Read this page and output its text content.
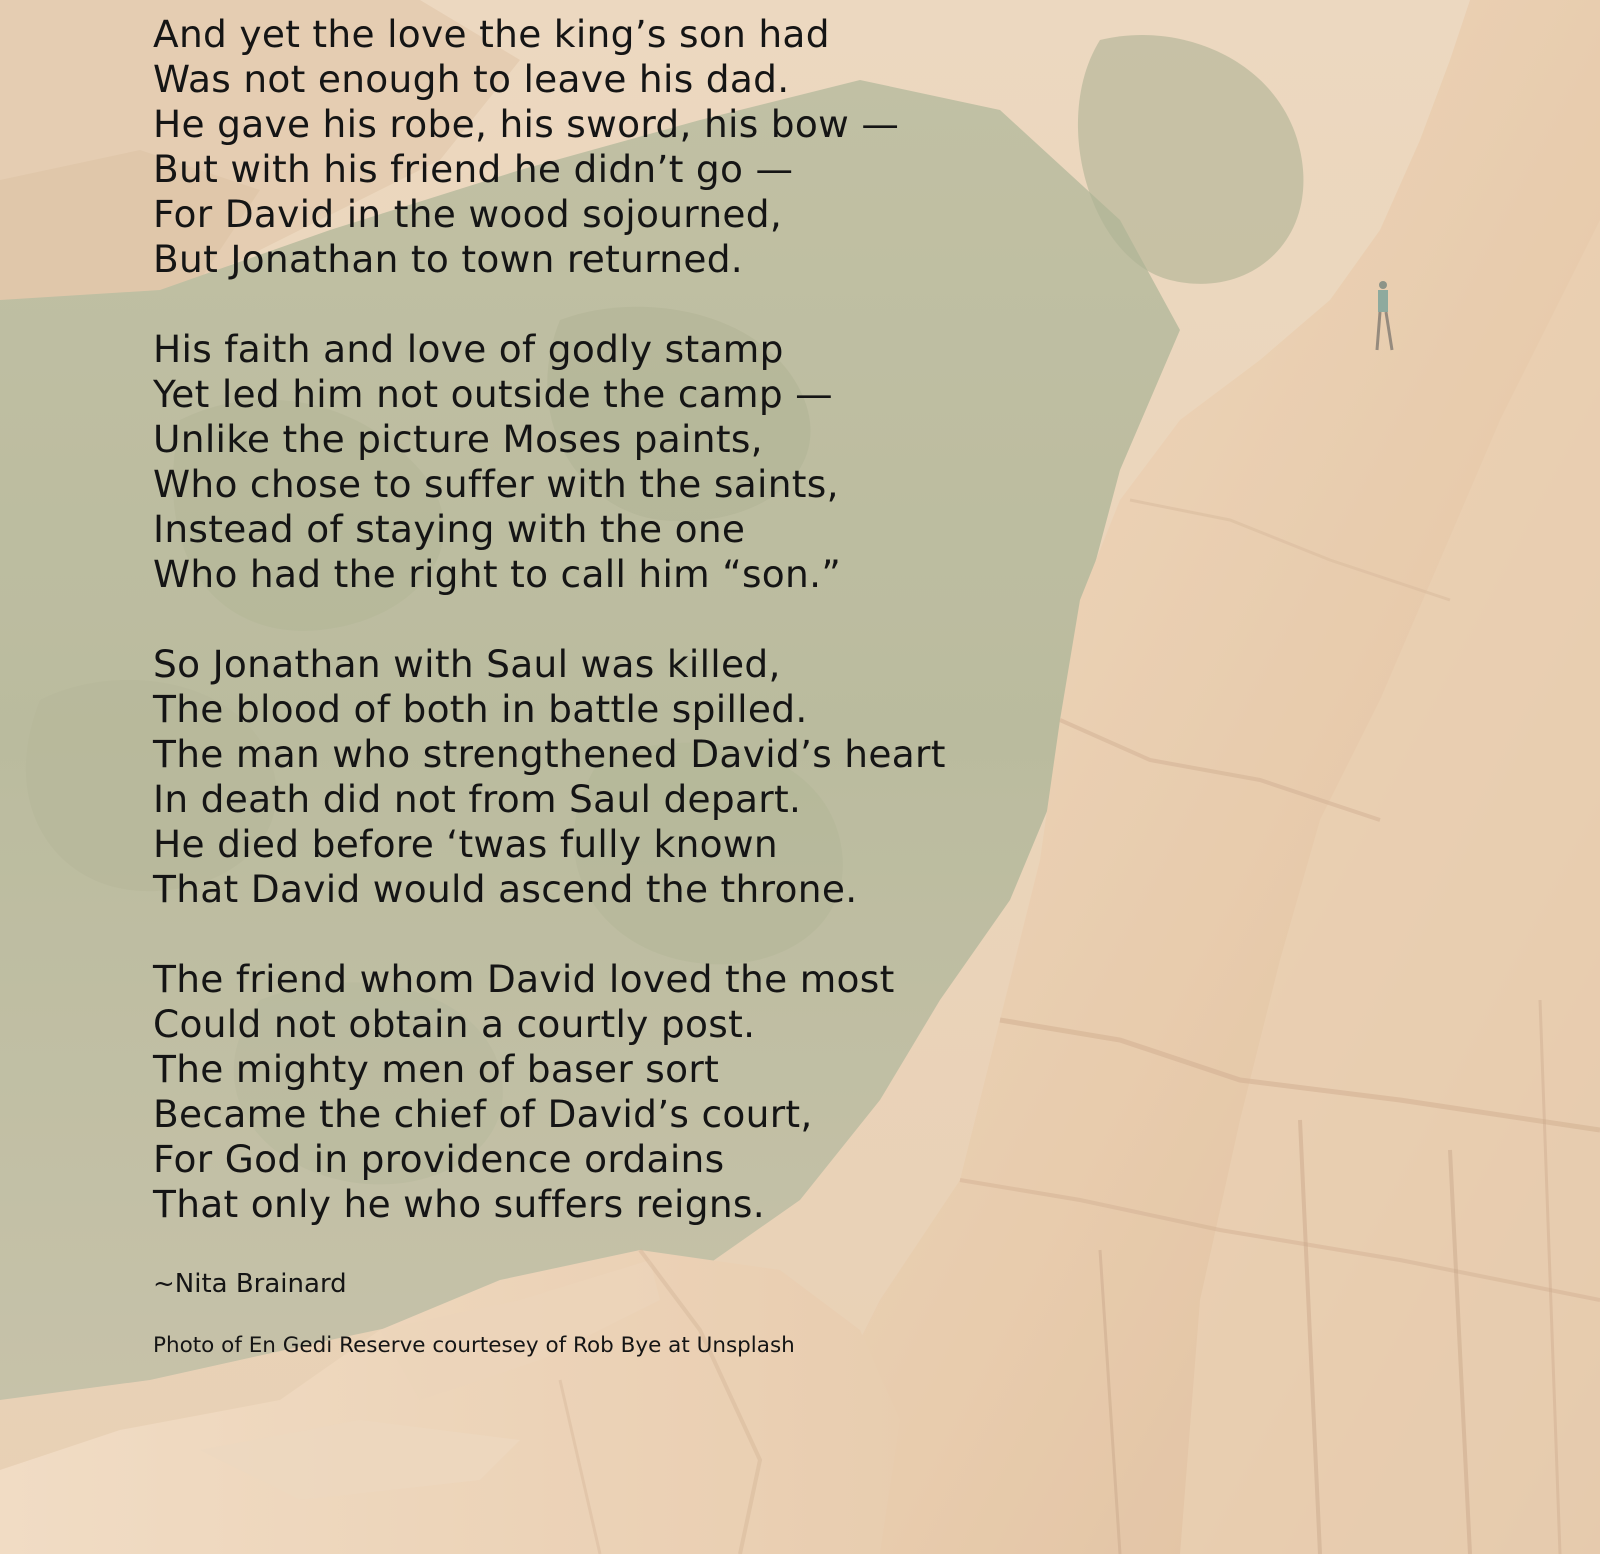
And yet the love the king’s son had
Was not enough to leave his dad.
He gave his robe, his sword, his bow —
But with his friend he didn’t go —
For David in the wood sojourned,
But Jonathan to town returned.
His faith and love of godly stamp
Yet led him not outside the camp —
Unlike the picture Moses paints,
Who chose to suffer with the saints,
Instead of staying with the one
Who had the right to call him “son.”
So Jonathan with Saul was killed,
The blood of both in battle spilled.
The man who strengthened David’s heart
In death did not from Saul depart.
He died before ‘twas fully known
That David would ascend the throne.
The friend whom David loved the most
Could not obtain a courtly post.
The mighty men of baser sort
Became the chief of David’s court,
For God in providence ordains
That only he who suffers reigns.
~Nita Brainard
Photo of En Gedi Reserve courtesey of Rob Bye at Unsplash
